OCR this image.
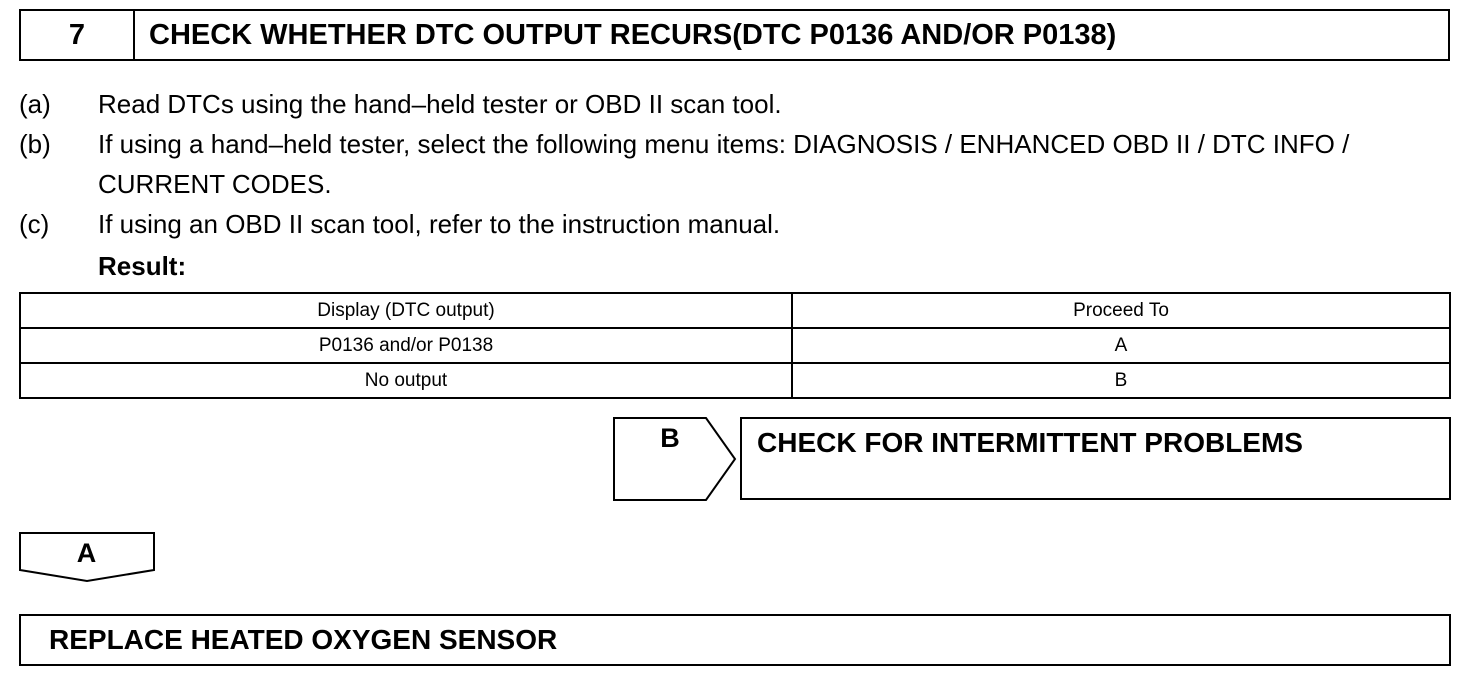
7	CHECK WHETHER DTC OUTPUT RECURS(DTC P0136 AND/OR P0138)
(a)	Read DTCs using the hand–held tester or OBD II scan tool.
(b)	If using a hand–held tester, select the following menu items: DIAGNOSIS / ENHANCED OBD II / DTC INFO / CURRENT CODES.
(c)	If using an OBD II scan tool, refer to the instruction manual.
Result:
Display (DTC output)	Proceed To
P0136 and/or P0138	A
No output	B
B	CHECK FOR INTERMITTENT PROBLEMS
A
REPLACE HEATED OXYGEN SENSOR
